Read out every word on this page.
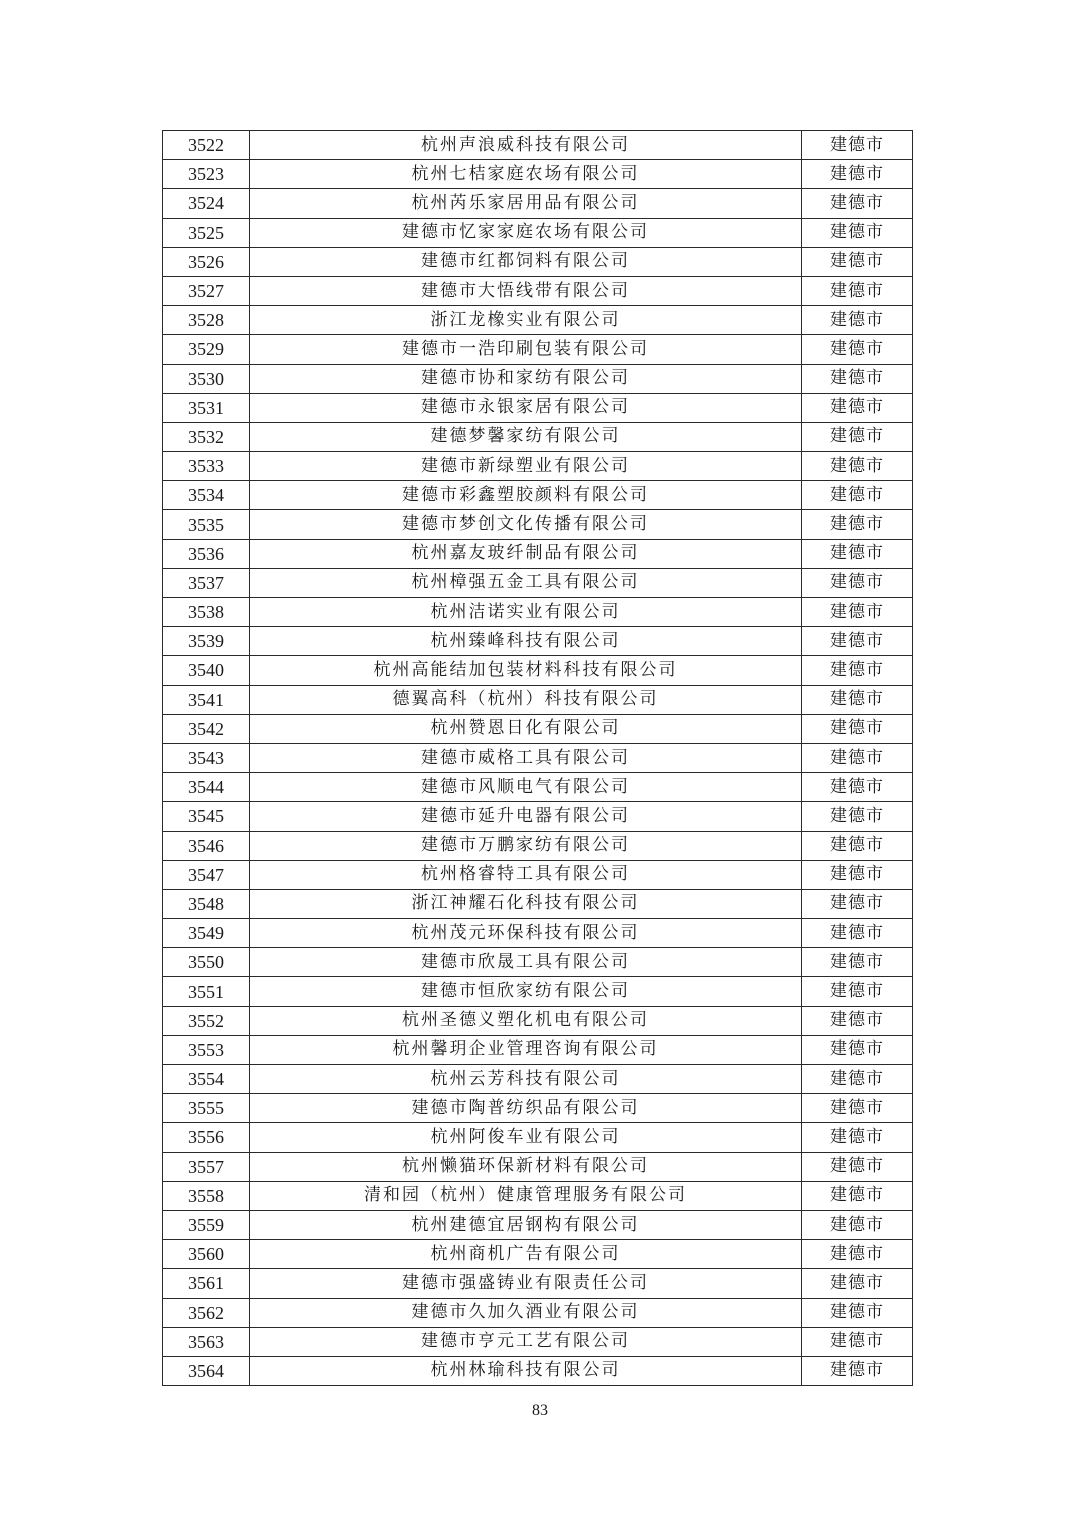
3522	杭州声浪威科技有限公司	建德市
3523	杭州七桔家庭农场有限公司	建德市
3524	杭州芮乐家居用品有限公司	建德市
3525	建德市忆家家庭农场有限公司	建德市
3526	建德市红都饲料有限公司	建德市
3527	建德市大悟线带有限公司	建德市
3528	浙江龙橡实业有限公司	建德市
3529	建德市一浩印刷包装有限公司	建德市
3530	建德市协和家纺有限公司	建德市
3531	建德市永银家居有限公司	建德市
3532	建德梦馨家纺有限公司	建德市
3533	建德市新绿塑业有限公司	建德市
3534	建德市彩鑫塑胶颜料有限公司	建德市
3535	建德市梦创文化传播有限公司	建德市
3536	杭州嘉友玻纤制品有限公司	建德市
3537	杭州樟强五金工具有限公司	建德市
3538	杭州洁诺实业有限公司	建德市
3539	杭州臻峰科技有限公司	建德市
3540	杭州高能结加包装材料科技有限公司	建德市
3541	德翼高科（杭州）科技有限公司	建德市
3542	杭州赞恩日化有限公司	建德市
3543	建德市威格工具有限公司	建德市
3544	建德市风顺电气有限公司	建德市
3545	建德市延升电器有限公司	建德市
3546	建德市万鹏家纺有限公司	建德市
3547	杭州格睿特工具有限公司	建德市
3548	浙江神耀石化科技有限公司	建德市
3549	杭州茂元环保科技有限公司	建德市
3550	建德市欣晟工具有限公司	建德市
3551	建德市恒欣家纺有限公司	建德市
3552	杭州圣德义塑化机电有限公司	建德市
3553	杭州馨玥企业管理咨询有限公司	建德市
3554	杭州云芳科技有限公司	建德市
3555	建德市陶普纺织品有限公司	建德市
3556	杭州阿俊车业有限公司	建德市
3557	杭州懒猫环保新材料有限公司	建德市
3558	清和园（杭州）健康管理服务有限公司	建德市
3559	杭州建德宜居钢构有限公司	建德市
3560	杭州商机广告有限公司	建德市
3561	建德市强盛铸业有限责任公司	建德市
3562	建德市久加久酒业有限公司	建德市
3563	建德市亨元工艺有限公司	建德市
3564	杭州林瑜科技有限公司	建德市
83
